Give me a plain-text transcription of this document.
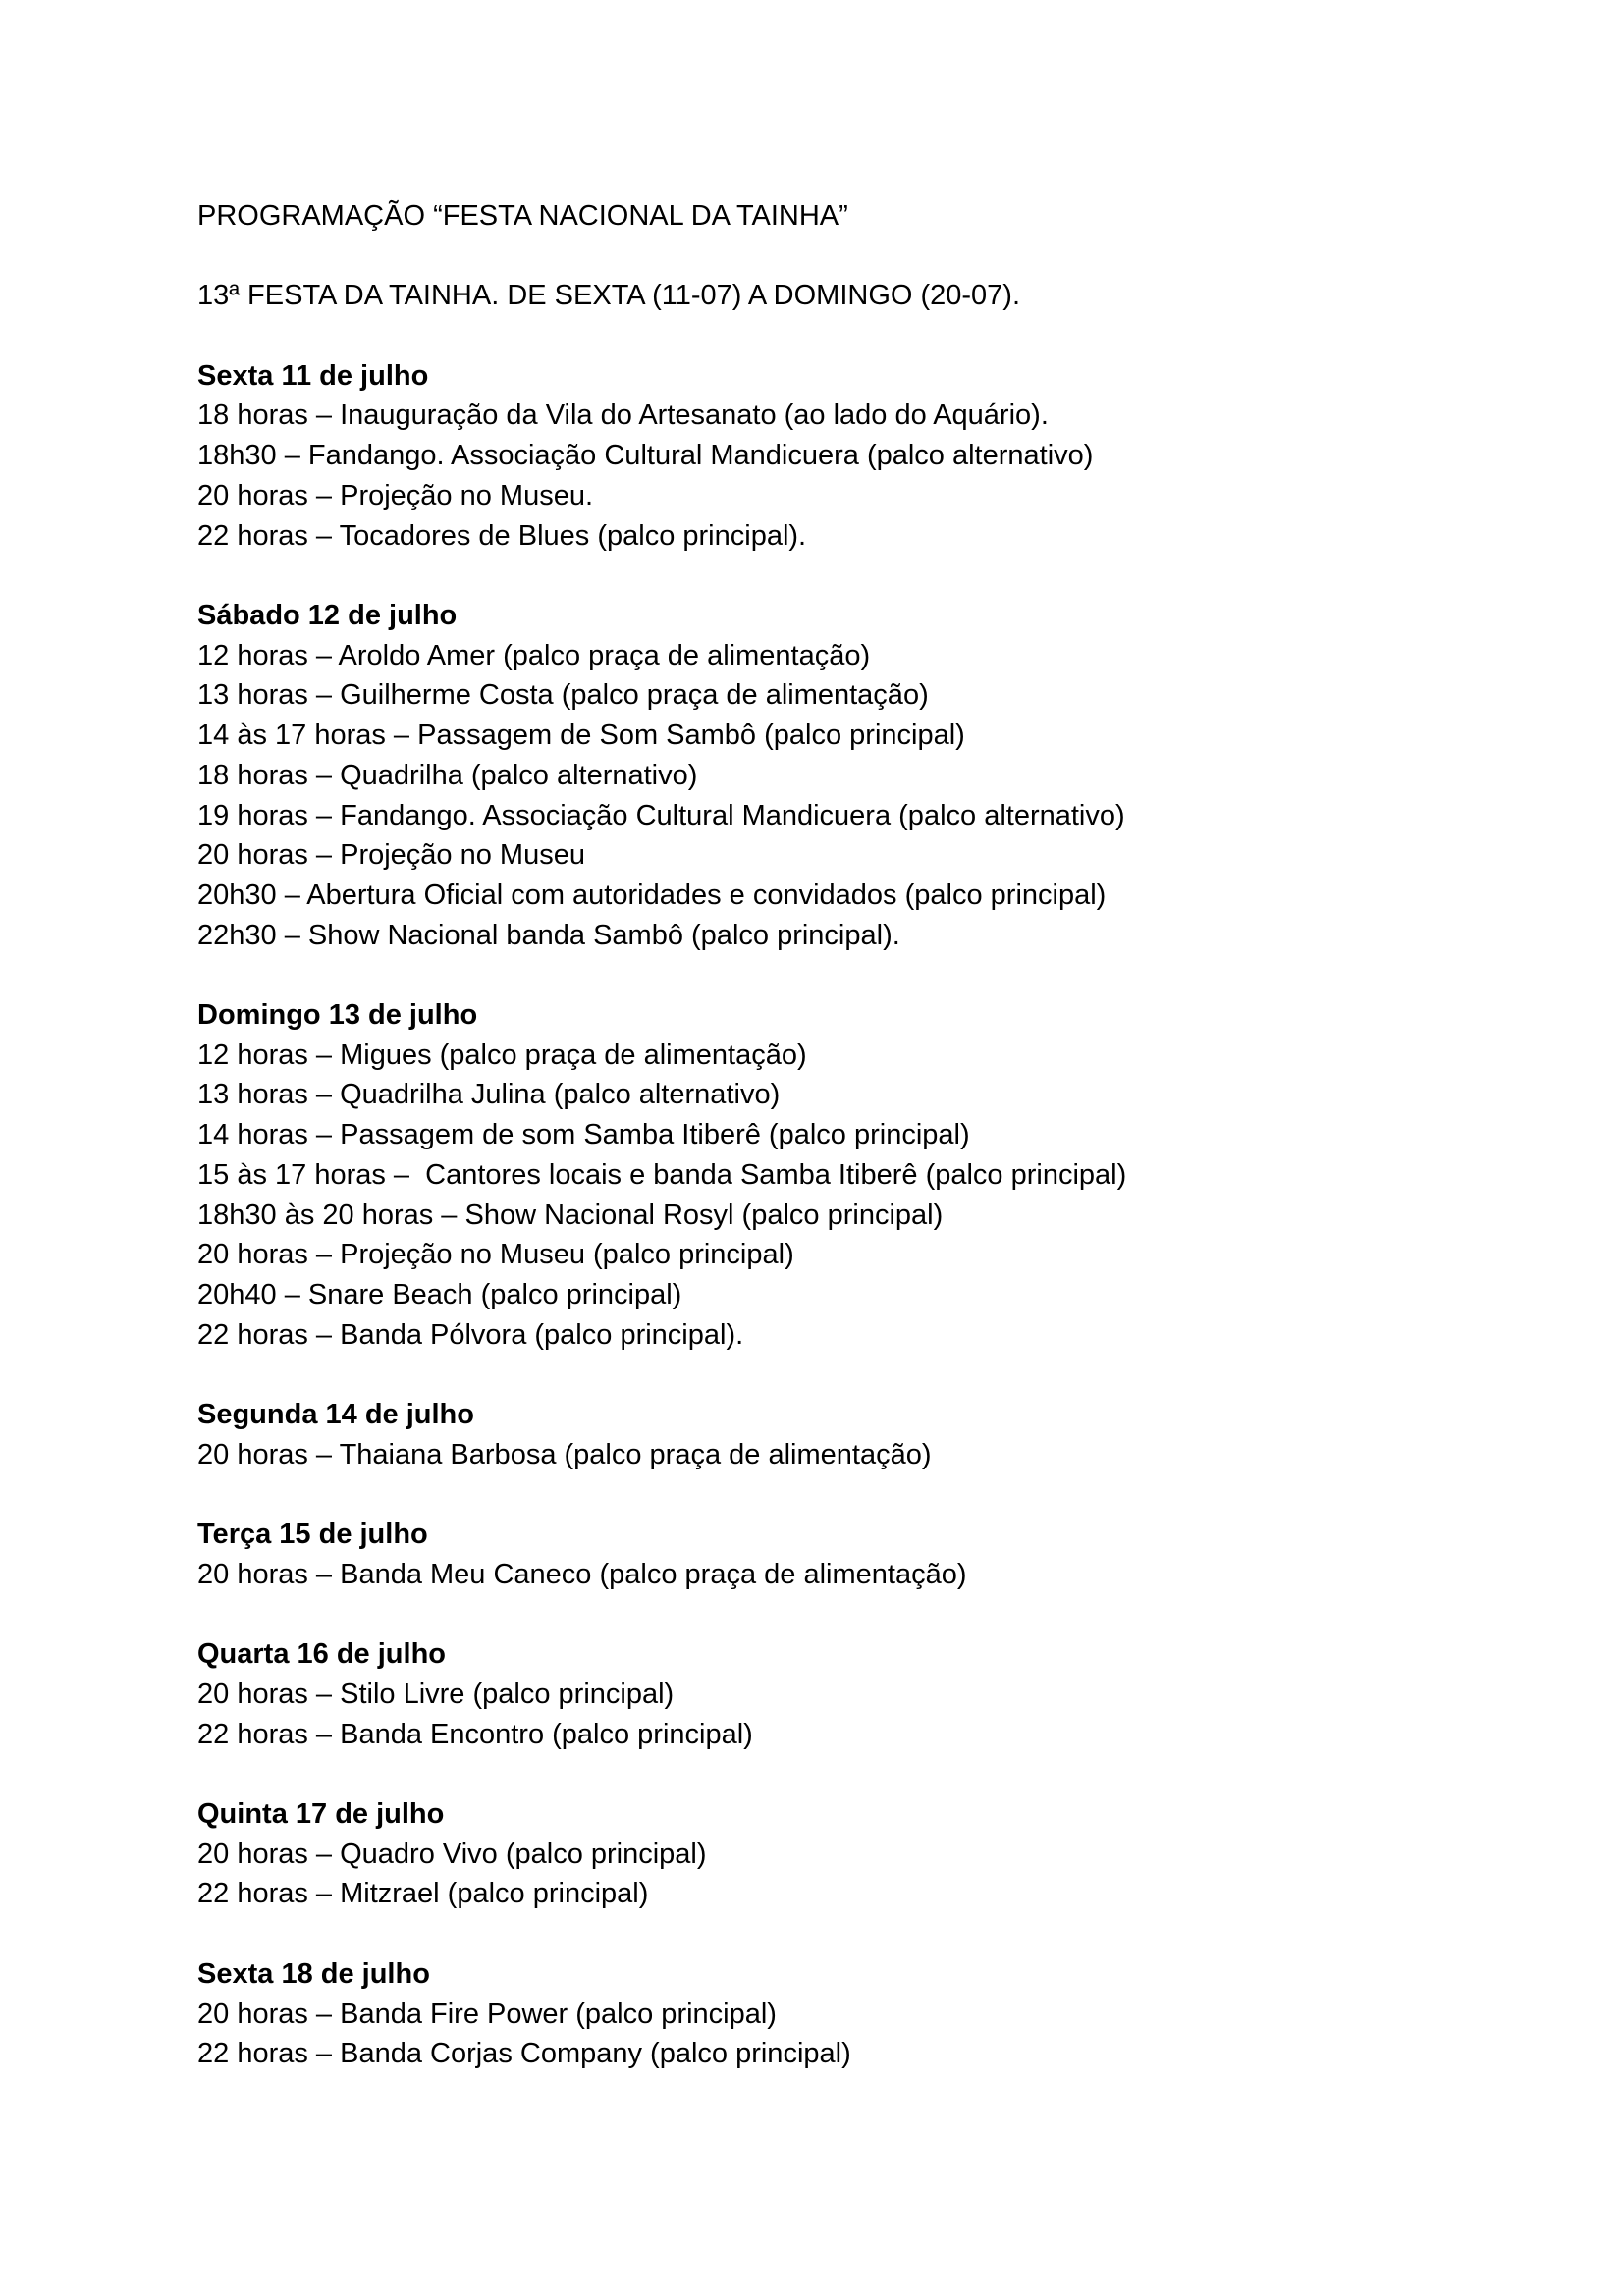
PROGRAMAÇÃO “FESTA NACIONAL DA TAINHA”

13ª FESTA DA TAINHA. DE SEXTA (11-07) A DOMINGO (20-07).

Sexta 11 de julho

18 horas – Inauguração da Vila do Artesanato (ao lado do Aquário).

18h30 – Fandango. Associação Cultural Mandicuera (palco alternativo)

20 horas – Projeção no Museu.

22 horas – Tocadores de Blues (palco principal).

Sábado 12 de julho

12 horas – Aroldo Amer (palco praça de alimentação)

13 horas – Guilherme Costa (palco praça de alimentação)

14 às 17 horas – Passagem de Som Sambô (palco principal)

18 horas – Quadrilha (palco alternativo)

19 horas – Fandango. Associação Cultural Mandicuera (palco alternativo)

20 horas – Projeção no Museu

20h30 – Abertura Oficial com autoridades e convidados (palco principal)

22h30 – Show Nacional banda Sambô (palco principal).

Domingo 13 de julho

12 horas – Migues (palco praça de alimentação)

13 horas – Quadrilha Julina (palco alternativo)

14 horas – Passagem de som Samba Itiberê (palco principal)

15 às 17 horas –  Cantores locais e banda Samba Itiberê (palco principal)

18h30 às 20 horas – Show Nacional Rosyl (palco principal)

20 horas – Projeção no Museu (palco principal)

20h40 – Snare Beach (palco principal)

22 horas – Banda Pólvora (palco principal).

Segunda 14 de julho

20 horas – Thaiana Barbosa (palco praça de alimentação)

Terça 15 de julho

20 horas – Banda Meu Caneco (palco praça de alimentação)

Quarta 16 de julho

20 horas – Stilo Livre (palco principal)

22 horas – Banda Encontro (palco principal)

Quinta 17 de julho

20 horas – Quadro Vivo (palco principal)

22 horas – Mitzrael (palco principal)

Sexta 18 de julho

20 horas – Banda Fire Power (palco principal)

22 horas – Banda Corjas Company (palco principal)
